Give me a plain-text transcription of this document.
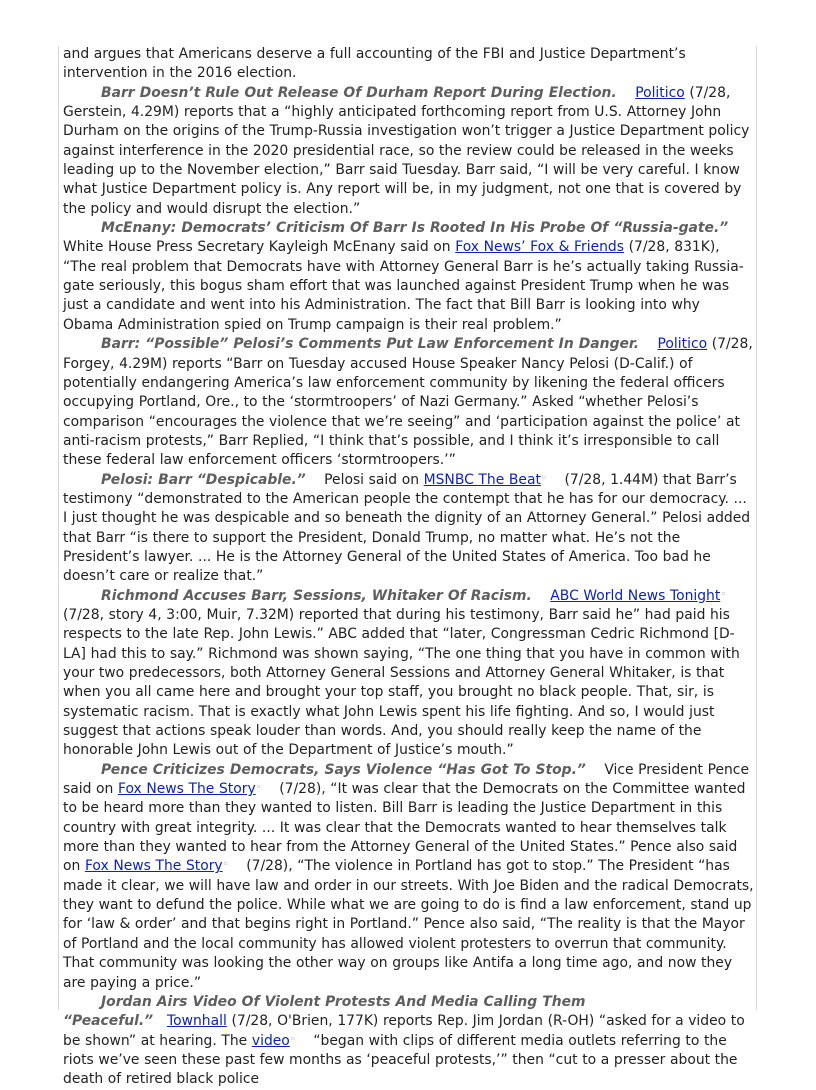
and argues that Americans deserve a full accounting of the FBI and Justice Department’s intervention in the 2016 election.

Barr Doesn’t Rule Out Release Of Durham Report During Election. Politico (7/28, Gerstein, 4.29M) reports that a “highly anticipated forthcoming report from U.S. Attorney John Durham on the origins of the Trump-Russia investigation won’t trigger a Justice Department policy against interference in the 2020 presidential race, so the review could be released in the weeks leading up to the November election,” Barr said Tuesday. Barr said, “I will be very careful. I know what Justice Department policy is. Any report will be, in my judgment, not one that is covered by the policy and would disrupt the election.”

McEnany: Democrats’ Criticism Of Barr Is Rooted In His Probe Of “Russia-gate.” White House Press Secretary Kayleigh McEnany said on Fox News’ Fox & Friends (7/28, 831K), “The real problem that Democrats have with Attorney General Barr is he’s actually taking Russia-gate seriously, this bogus sham effort that was launched against President Trump when he was just a candidate and went into his Administration. The fact that Bill Barr is looking into why Obama Administration spied on Trump campaign is their real problem.”

Barr: “Possible” Pelosi’s Comments Put Law Enforcement In Danger. Politico (7/28, Forgey, 4.29M) reports “Barr on Tuesday accused House Speaker Nancy Pelosi (D-Calif.) of potentially endangering America’s law enforcement community by likening the federal officers occupying Portland, Ore., to the ‘stormtroopers’ of Nazi Germany.” Asked “whether Pelosi’s comparison “encourages the violence that we’re seeing” and ‘participation against the police’ at anti-racism protests,” Barr Replied, “I think that’s possible, and I think it’s irresponsible to call these federal law enforcement officers ‘stormtroopers.’”

Pelosi: Barr “Despicable.” Pelosi said on MSNBC The Beat▫ (7/28, 1.44M) that Barr’s testimony “demonstrated to the American people the contempt that he has for our democracy. ... I just thought he was despicable and so beneath the dignity of an Attorney General.” Pelosi added that Barr “is there to support the President, Donald Trump, no matter what. He’s not the President’s lawyer. ... He is the Attorney General of the United States of America. Too bad he doesn’t care or realize that.”

Richmond Accuses Barr, Sessions, Whitaker Of Racism. ABC World News Tonight▫ (7/28, story 4, 3:00, Muir, 7.32M) reported that during his testimony, Barr said he” had paid his respects to the late Rep. John Lewis.” ABC added that “later, Congressman Cedric Richmond [D-LA] had this to say.” Richmond was shown saying, “The one thing that you have in common with your two predecessors, both Attorney General Sessions and Attorney General Whitaker, is that when you all came here and brought your top staff, you brought no black people. That, sir, is systematic racism. That is exactly what John Lewis spent his life fighting. And so, I would just suggest that actions speak louder than words. And, you should really keep the name of the honorable John Lewis out of the Department of Justice’s mouth.”

Pence Criticizes Democrats, Says Violence “Has Got To Stop.” Vice President Pence said on Fox News The Story▫ (7/28), “It was clear that the Democrats on the Committee wanted to be heard more than they wanted to listen. Bill Barr is leading the Justice Department in this country with great integrity. ... It was clear that the Democrats wanted to hear themselves talk more than they wanted to hear from the Attorney General of the United States.” Pence also said on Fox News The Story▫ (7/28), “The violence in Portland has got to stop.” The President “has made it clear, we will have law and order in our streets. With Joe Biden and the radical Democrats, they want to defund the police. While what we are going to do is find a law enforcement, stand up for ‘law & order’ and that begins right in Portland.” Pence also said, “The reality is that the Mayor of Portland and the local community has allowed violent protesters to overrun that community. That community was looking the other way on groups like Antifa a long time ago, and now they are paying a price.”

Jordan Airs Video Of Violent Protests And Media Calling Them “Peaceful.” Townhall (7/28, O'Brien, 177K) reports Rep. Jim Jordan (R-OH) “asked for a video to be shown” at hearing. The video▫ “began with clips of different media outlets referring to the riots we’ve seen these past few months as ‘peaceful protests,’” then “cut to a presser about the death of retired black police
